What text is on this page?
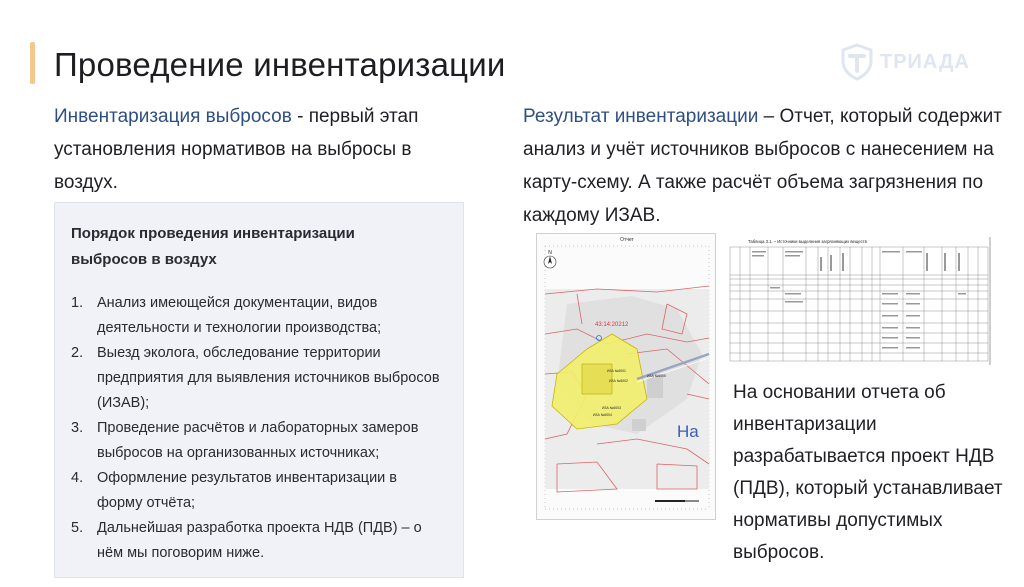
Проведение инвентаризации	ТРИАДА

Инвентаризация выбросов - первый этап установления нормативов на выбросы в воздух.

Порядок проведения инвентаризации выбросов в воздух
1. Анализ имеющейся документации, видов деятельности и технологии производства;
2. Выезд эколога, обследование территории предприятия для выявления источников выбросов (ИЗАВ);
3. Проведение расчётов и лабораторных замеров выбросов на организованных источниках;
4. Оформление результатов инвентаризации в форму отчёта;
5. Дальнейшая разработка проекта НДВ (ПДВ) – о нём мы поговорим ниже.

Результат инвентаризации – Отчет, который содержит анализ и учёт источников выбросов с нанесением на карту-схему. А также расчёт объема загрязнения по каждому ИЗАВ.

Отчет
43:14:20212
ИЗА №6001
ИЗА №6002
ИЗА №6003
ИЗА №6004
ИЗА №6005
На
N
Таблица 3.1. – Источники выделения загрязняющих веществ

На основании отчета об инвентаризации разрабатывается проект НДВ (ПДВ), который устанавливает нормативы допустимых выбросов.
